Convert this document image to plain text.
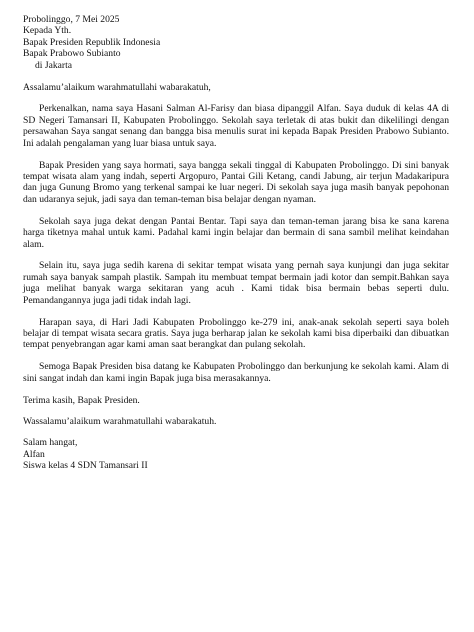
Probolinggo, 7 Mei 2025
Kepada Yth.
Bapak Presiden Republik Indonesia
Bapak Prabowo Subianto
di Jakarta
Assalamu’alaikum warahmatullahi wabarakatuh,

Perkenalkan, nama saya Hasani Salman Al-Farisy dan biasa dipanggil Alfan. Saya duduk di kelas 4A di SD Negeri Tamansari II, Kabupaten Probolinggo. Sekolah saya terletak di atas bukit dan dikelilingi dengan persawahan Saya sangat senang dan bangga bisa menulis surat ini kepada Bapak Presiden Prabowo Subianto. Ini adalah pengalaman yang luar biasa untuk saya.

Bapak Presiden yang saya hormati, saya bangga sekali tinggal di Kabupaten Probolinggo. Di sini banyak tempat wisata alam yang indah, seperti Argopuro, Pantai Gili Ketang, candi Jabung, air terjun Madakaripura dan juga Gunung Bromo yang terkenal sampai ke luar negeri. Di sekolah saya juga masih banyak pepohonan dan udaranya sejuk, jadi saya dan teman-teman bisa belajar dengan nyaman.

Sekolah saya juga dekat dengan Pantai Bentar. Tapi saya dan teman-teman jarang bisa ke sana karena harga tiketnya mahal untuk kami. Padahal kami ingin belajar dan bermain di sana sambil melihat keindahan alam.

Selain itu, saya juga sedih karena di sekitar tempat wisata yang pernah saya kunjungi dan juga sekitar rumah saya banyak sampah plastik. Sampah itu membuat tempat bermain jadi kotor dan sempit.Bahkan saya juga melihat banyak warga sekitaran yang acuh . Kami tidak bisa bermain bebas seperti dulu. Pemandangannya juga jadi tidak indah lagi.

Harapan saya, di Hari Jadi Kabupaten Probolinggo ke-279 ini, anak-anak sekolah seperti saya boleh belajar di tempat wisata secara gratis. Saya juga berharap jalan ke sekolah kami bisa diperbaiki dan dibuatkan tempat penyebrangan agar kami aman saat berangkat dan pulang sekolah.

Semoga Bapak Presiden bisa datang ke Kabupaten Probolinggo dan berkunjung ke sekolah kami. Alam di sini sangat indah dan kami ingin Bapak juga bisa merasakannya.

Terima kasih, Bapak Presiden.
Wassalamu’alaikum warahmatullahi wabarakatuh.
Salam hangat,
Alfan
Siswa kelas 4 SDN Tamansari II
